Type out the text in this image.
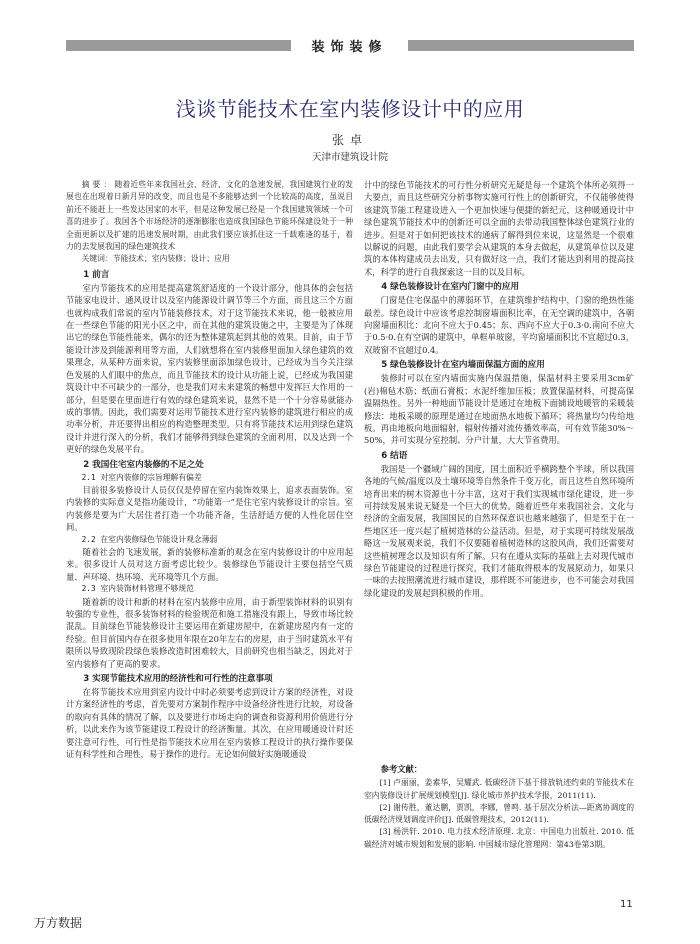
装饰装修
浅谈节能技术在室内装修设计中的应用
张卓
天津市建筑设计院

摘要：随着近些年来我国社会、经济、文化的急速发展，我国建筑行业的发展也在出现着日新月异的改变，而且也是不多能够达到一个比较高的高度，虽说目前还不能赶上一些发达国家的水平，但是这种发展已经是一个我国建筑领域一个可喜的进步了。我国各个市场经济的逐渐膨胀也造成我国绿色节能环保建设处于一种全面更新以及扩建的迅速发展时期，由此我们要应该抓住这一千载难逢的基于，着力的去发展我国的绿色建筑技术

关键词：节能技术；室内装修；设计；应用

1 前言

室内节能技术的应用是提高建筑舒适度的一个设计部分，他具体的会包括节能家电设计、通风设计以及室内能源设计调节等三个方面，而且这三个方面也就构成我们常说的室内节能装修技术，对于这节能技术来说，他一般被应用在一些绿色节能的阳光小区之中，而在其他的建筑设施之中，主要是为了体现出它的绿色节能性能来，偶尔的还为整体建筑起到其他的效果。目前，由于节能设计涉及到能源利用等方面，人们就想将在室内装修里面加入绿色建筑的效果理念，从某种方面来说，室内装修里面添加绿色设计，已经成为当今关注绿色发展的人们眼中的焦点，而且节能技术的设计从功能上说，已经成为我国建筑设计中不可缺少的一部分，也是我们对未来建筑的畅想中发挥巨大作用的一部分，但是要在里面进行有效的绿色建筑来说，显然不是一个十分容易就能办成的事情。因此，我们需要对运用节能技术进行室内装修的建筑进行相应的成功率分析，并还要得出相应的构造整理类型。只有将节能技术运用到绿色建筑设计并进行深入的分析，我们才能够得到绿色建筑的全面利用，以及达到一个更好的绿色发展平台。

2 我国住宅室内装修的不足之处
2.1 对室内装修的宗旨理解有偏差

目前很多装修设计人员仅仅是停留在室内装饰效果上，追求表面装饰。室内装修的实际意义是指功能设计，“功能第一”是住宅室内装修设计的宗旨。室内装修是要为广大居住者打造一个功能齐备，生活舒适方便的人性化居住空间。

2.2 在室内装修绿色节能设计观念薄弱

随着社会的飞速发展，新的装修标准新的观念在室内装修设计的中应用起来。很多设计人员对这方面考虑比较少。装修绿色节能设计主要包括空气质量、声环境、热环境、光环境等几个方面。

2.3 室内装饰材料管理不够规范

随着新的设计和新的材料在室内装修中应用，由于新型装饰材料的识别有较强的专业性，很多装饰材料的检验规范和施工措施没有跟上，导致市场比较混乱。目前绿色节能装修设计主要运用在新建房屋中，在新建房屋内有一定的经验。但目前国内存在很多使用年限在20年左右的房屋，由于当时建筑水平有限所以导致现阶段绿色装修改造时困难较大，目前研究也相当缺乏，因此对于室内装修有了更高的要求。

3 实现节能技术应用的经济性和可行性的注意事项

在将节能技术应用到室内设计中时必须要考虑到设计方案的经济性，对设计方案经济性的考虑，首先要对方案制作程序中设备经济性进行比较，对设备的取向有具体的情况了解，以及要进行市场走向的调查和资源利用价值进行分析，以此来作为该节能建设工程设计的经济衡量。其次，在应用暖通设计时还要注意可行性，可行性是指节能技术应用在室内装修工程设计的执行操作要保证有科学性和合理性，易于操作的进行。无论如何做好实施暖通设

计中的绿色节能技术的可行性分析研究无疑是每一个建筑个体所必须得一大要点，而且这些研究分析事物实施可行性上的创新研究，不仅能够使得该建筑节能工程建设进入一个更加快速与便捷的新纪元，这种暖通设计中绿色建筑节能技术中的创新还可以全面的去带动我国整体绿色建筑行业的进步。但是对于如何把该技术的通病了解得到位来说，这显然是一个很难以解说的问题，由此我们要学会从建筑的本身去做起，从建筑单位以及建筑的本体构建成员去出发，只有做好这一点，我们才能达到利用的提高技术，科学的进行自我探索这一目的以及目标。

4 绿色装修设计在室内门窗中的应用

门窗是住宅保温中的薄弱环节，在建筑维护结构中，门窗的绝热性能最差。绿色设计中应该考虑控制窗墙面积比率，在无空调的建筑中，各朝向窗墙面积比：北向不应大于0.45；东、西向不应大于0.3·0.南向不应大于0.5·0.在有空调的建筑中，单框单玻窗，平均窗墙面积比不宜超过0.3，双玻窗不宜超过0.4。

5 绿色装修设计在室内墙面保温方面的应用

装修时可以在室内墙面实施内保温措施，保温材料主要采用3cm矿(岩)棉毡木筋；纸面石膏板；水泥纤维加压板；放置保温材料，可提高保温隔热性。另外一种地面节能设计是通过在地板下面铺设地暖管的采暖装修法：地板采暖的原理是通过在地面热水地板下循环；将热量均匀传给地板。再由地板向地面辐射，辐射传播对流传播效率高，可有效节能30%～50%，并可实现分室控制、分户计量，大大节省费用。

6 结语

我国是一个疆域广阔的国度，国土面积近乎横跨整个半球，所以我国各地的气候/温度以及土壤环境等自然条件千变万化，而且这些自然环境所培育出来的树木资源也十分丰富，这对于我们实现城市绿化建设，进一步可持续发展来说无疑是一个巨大的优势。随着近些年来我国社会、文化与经济的全面发展，我国国民的自然环保意识也越来越强了，但是至于在一些地区还一度兴起了植树造林的公益活动。但是，对于实现可持续发展战略这一发展观来说，我们不仅要随着植树造林的这股风尚，我们还需要对这些植树理念以及知识有所了解。只有在遵从实际的基础上去对现代城市绿色节能建设的过程进行探究，我们才能取得根本的发展原动力，如果只一味的去按照潮流进行城市建设，那样既不可能进步，也不可能会对我国绿化建设的发展起到积极的作用。

参考文献：

[1] 卢丽丽，姜素华，吴耀武. 低碳经济下基于排放轨迹约束的节能技术在室内装修设计扩展规划模型[J]. 绿化城市养护技术学报，2011(11).

[2] 谢传胜，董达鹏，贾凯，李娜，曾鸣. 基于层次分析法—距离协调度的低碳经济规划调度评价[J]. 低碳管理技术，2012(11).

[3] 杨洪轩. 2010. 电力技术经济原理. 北京：中国电力出版社. 2010. 低碳经济对城市规划和发展的影响. 中国城市绿化管理网：第43卷第3期。

11
万方数据
